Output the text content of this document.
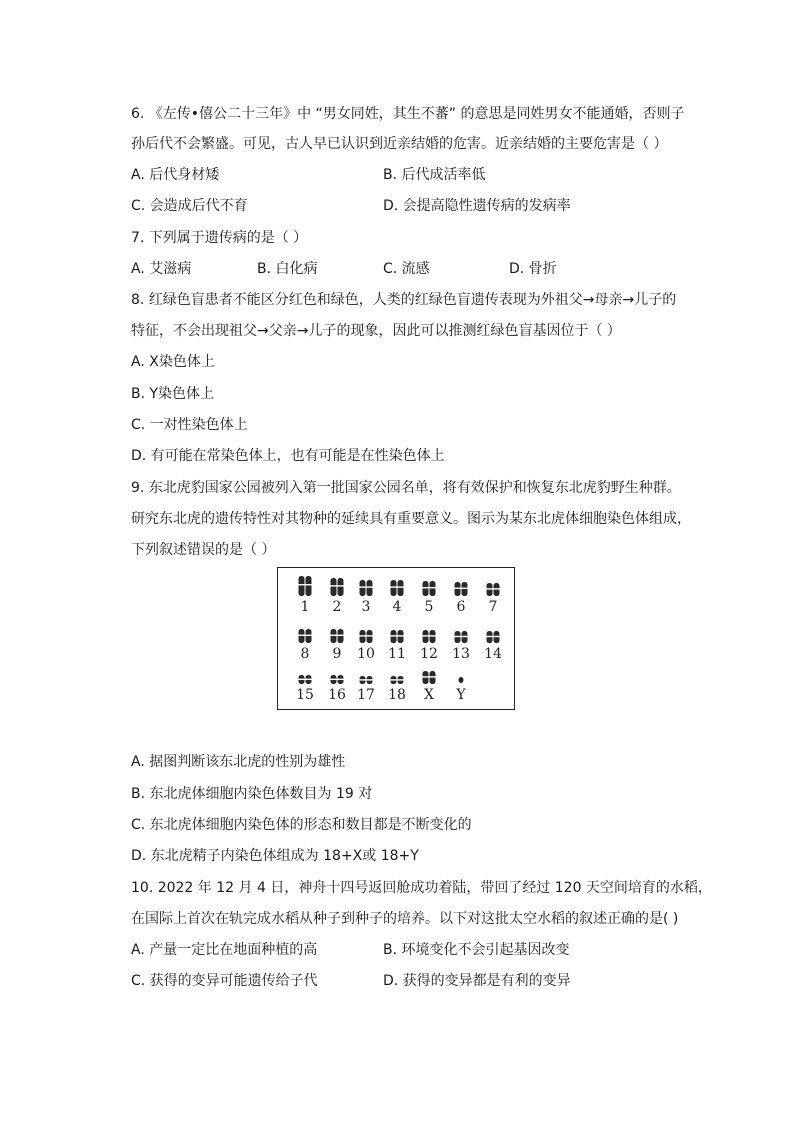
6. 《左传•僖公二十三年》中 “男女同姓，其生不蕃” 的意思是同姓男女不能通婚，否则子
孙后代不会繁盛。可见，古人早已认识到近亲结婚的危害。近亲结婚的主要危害是（ ）
A. 后代身材矮	B. 后代成活率低
C. 会造成后代不育	D. 会提高隐性遗传病的发病率
7. 下列属于遗传病的是（ ）
A. 艾滋病	B. 白化病	C. 流感	D. 骨折
8. 红绿色盲患者不能区分红色和绿色，人类的红绿色盲遗传表现为外祖父→母亲→儿子的
特征，不会出现祖父→父亲→儿子的现象，因此可以推测红绿色盲基因位于（ ）
A. X染色体上
B. Y染色体上
C. 一对性染色体上
D. 有可能在常染色体上，也有可能是在性染色体上
9. 东北虎豹国家公园被列入第一批国家公园名单，将有效保护和恢复东北虎豹野生种群。
研究东北虎的遗传特性对其物种的延续具有重要意义。图示为某东北虎体细胞染色体组成，
下列叙述错误的是（ ）
1	2	3	4	5	6	7
8	9	10 11 12 13 14
15 16 17 18	X	Y
A. 据图判断该东北虎的性别为雄性
B. 东北虎体细胞内染色体数目为 19 对
C. 东北虎体细胞内染色体的形态和数目都是不断变化的
D. 东北虎精子内染色体组成为 18+X或 18+Y
10. 2022 年 12 月 4 日，神舟十四号返回舱成功着陆，带回了经过 120 天空间培育的水稻，
在国际上首次在轨完成水稻从种子到种子的培养。以下对这批太空水稻的叙述正确的是( )
A. 产量一定比在地面种植的高	B. 环境变化不会引起基因改变
C. 获得的变异可能遗传给子代	D. 获得的变异都是有利的变异
